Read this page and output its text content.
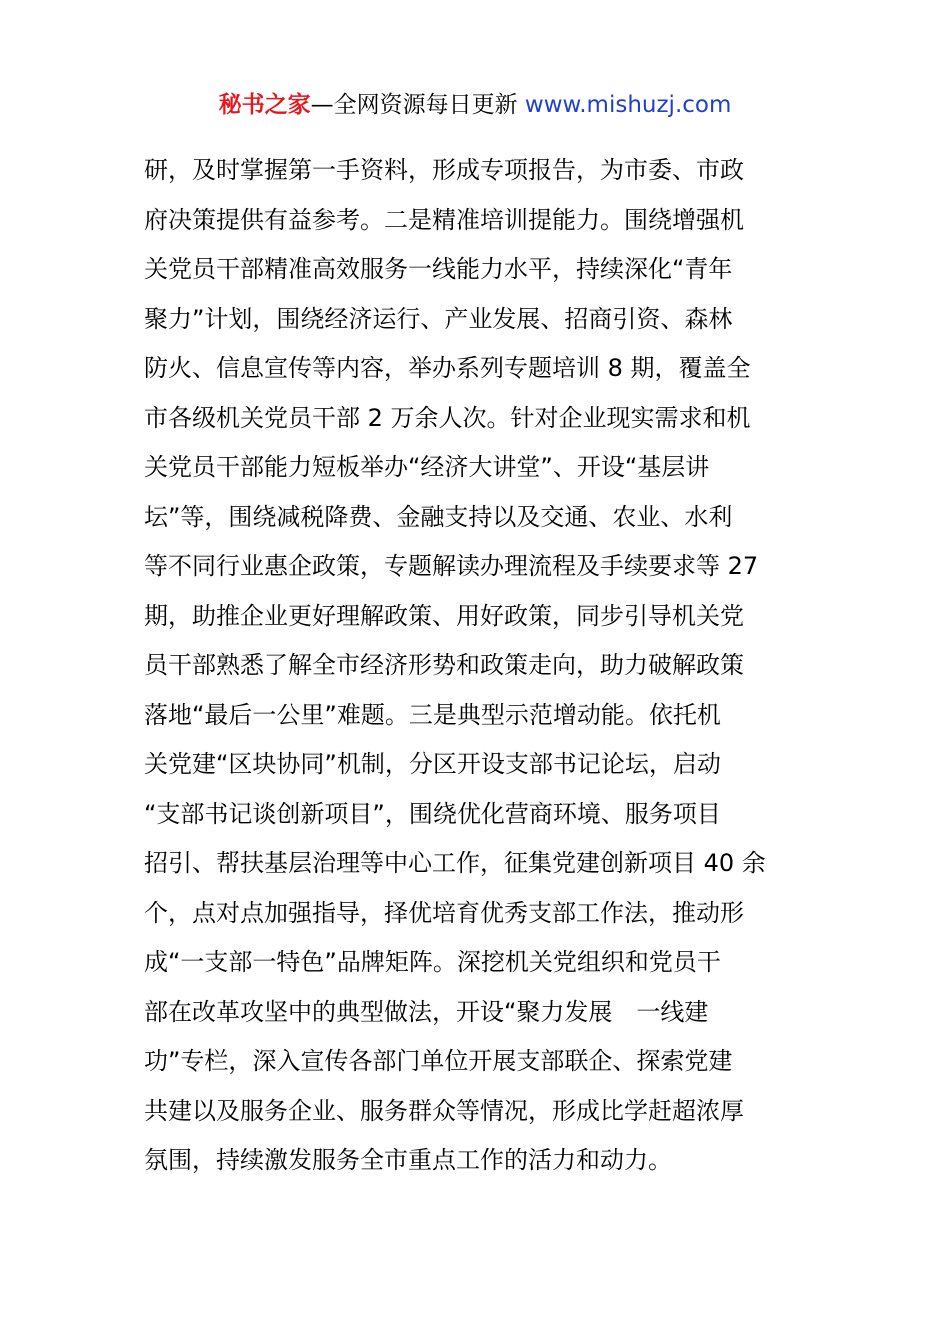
秘书之家—全网资源每日更新 www.mishuzj.com
研，及时掌握第一手资料，形成专项报告，为市委、市政
府决策提供有益参考。二是精准培训提能力。围绕增强机
关党员干部精准高效服务一线能力水平，持续深化“青年
聚力”计划，围绕经济运行、产业发展、招商引资、森林
防火、信息宣传等内容，举办系列专题培训 8 期，覆盖全
市各级机关党员干部 2 万余人次。针对企业现实需求和机
关党员干部能力短板举办“经济大讲堂”、开设“基层讲
坛”等，围绕减税降费、金融支持以及交通、农业、水利
等不同行业惠企政策，专题解读办理流程及手续要求等 27
期，助推企业更好理解政策、用好政策，同步引导机关党
员干部熟悉了解全市经济形势和政策走向，助力破解政策
落地“最后一公里”难题。三是典型示范增动能。依托机
关党建“区块协同”机制，分区开设支部书记论坛，启动
“支部书记谈创新项目”，围绕优化营商环境、服务项目
招引、帮扶基层治理等中心工作，征集党建创新项目 40 余
个，点对点加强指导，择优培育优秀支部工作法，推动形
成“一支部一特色”品牌矩阵。深挖机关党组织和党员干
部在改革攻坚中的典型做法，开设“聚力发展　一线建
功”专栏，深入宣传各部门单位开展支部联企、探索党建
共建以及服务企业、服务群众等情况，形成比学赶超浓厚
氛围，持续激发服务全市重点工作的活力和动力。
